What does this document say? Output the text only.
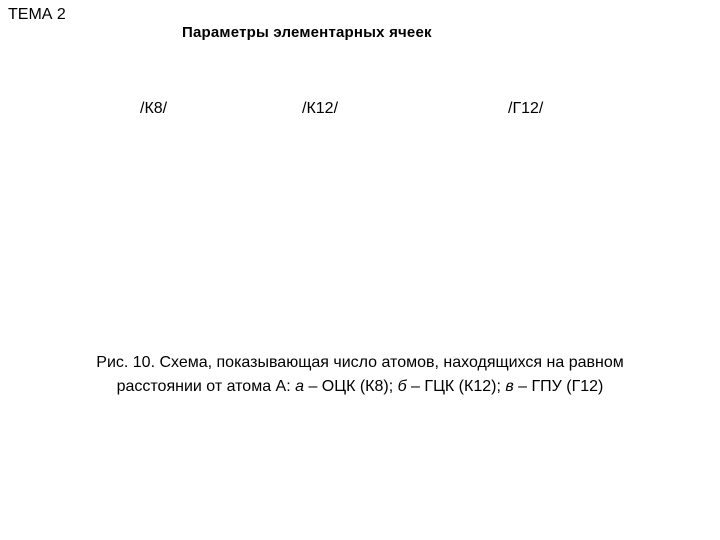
ТЕМА 2
Параметры элементарных ячеек
/К8/	/К12/	/Г12/
Рис. 10. Схема, показывающая число атомов, находящихся на равном
расстоянии от атома А: а – ОЦК (К8); б – ГЦК (К12); в – ГПУ (Г12)
